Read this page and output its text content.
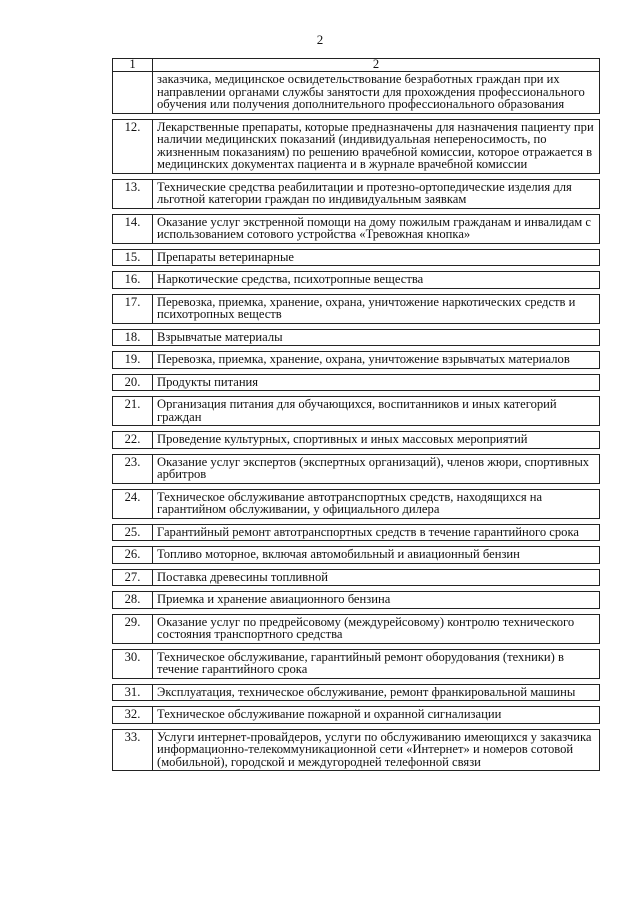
2
1	2
	заказчика, медицинское освидетельствование безработных граждан при их направлении органами службы занятости для прохождения профессионального обучения или получения дополнительного профессионального образования

12.	Лекарственные препараты, которые предназначены для назначения пациенту при наличии медицинских показаний (индивидуальная непереносимость, по жизненным показаниям) по решению врачебной комиссии, которое отражается в медицинских документах пациента и в журнале врачебной комиссии

13.	Технические средства реабилитации и протезно-ортопедические изделия для льготной категории граждан по индивидуальным заявкам

14.	Оказание услуг экстренной помощи на дому пожилым гражданам и инвалидам с использованием сотового устройства «Тревожная кнопка»

15.	Препараты ветеринарные

16.	Наркотические средства, психотропные вещества

17.	Перевозка, приемка, хранение, охрана, уничтожение наркотических средств и психотропных веществ

18.	Взрывчатые материалы

19.	Перевозка, приемка, хранение, охрана, уничтожение взрывчатых материалов

20.	Продукты питания

21.	Организация питания для обучающихся, воспитанников и иных категорий граждан

22.	Проведение культурных, спортивных и иных массовых мероприятий

23.	Оказание услуг экспертов (экспертных организаций), членов жюри, спортивных арбитров

24.	Техническое обслуживание автотранспортных средств, находящихся на гарантийном обслуживании, у официального дилера

25.	Гарантийный ремонт автотранспортных средств в течение гарантийного срока

26.	Топливо моторное, включая автомобильный и авиационный бензин

27.	Поставка древесины топливной

28.	Приемка и хранение авиационного бензина

29.	Оказание услуг по предрейсовому (междурейсовому) контролю технического состояния транспортного средства

30.	Техническое обслуживание, гарантийный ремонт оборудования (техники) в течение гарантийного срока

31.	Эксплуатация, техническое обслуживание, ремонт франкировальной машины

32.	Техническое обслуживание пожарной и охранной сигнализации

33.	Услуги интернет-провайдеров, услуги по обслуживанию имеющихся у заказчика информационно-телекоммуникационной сети «Интернет» и номеров сотовой (мобильной), городской и междугородней телефонной связи
